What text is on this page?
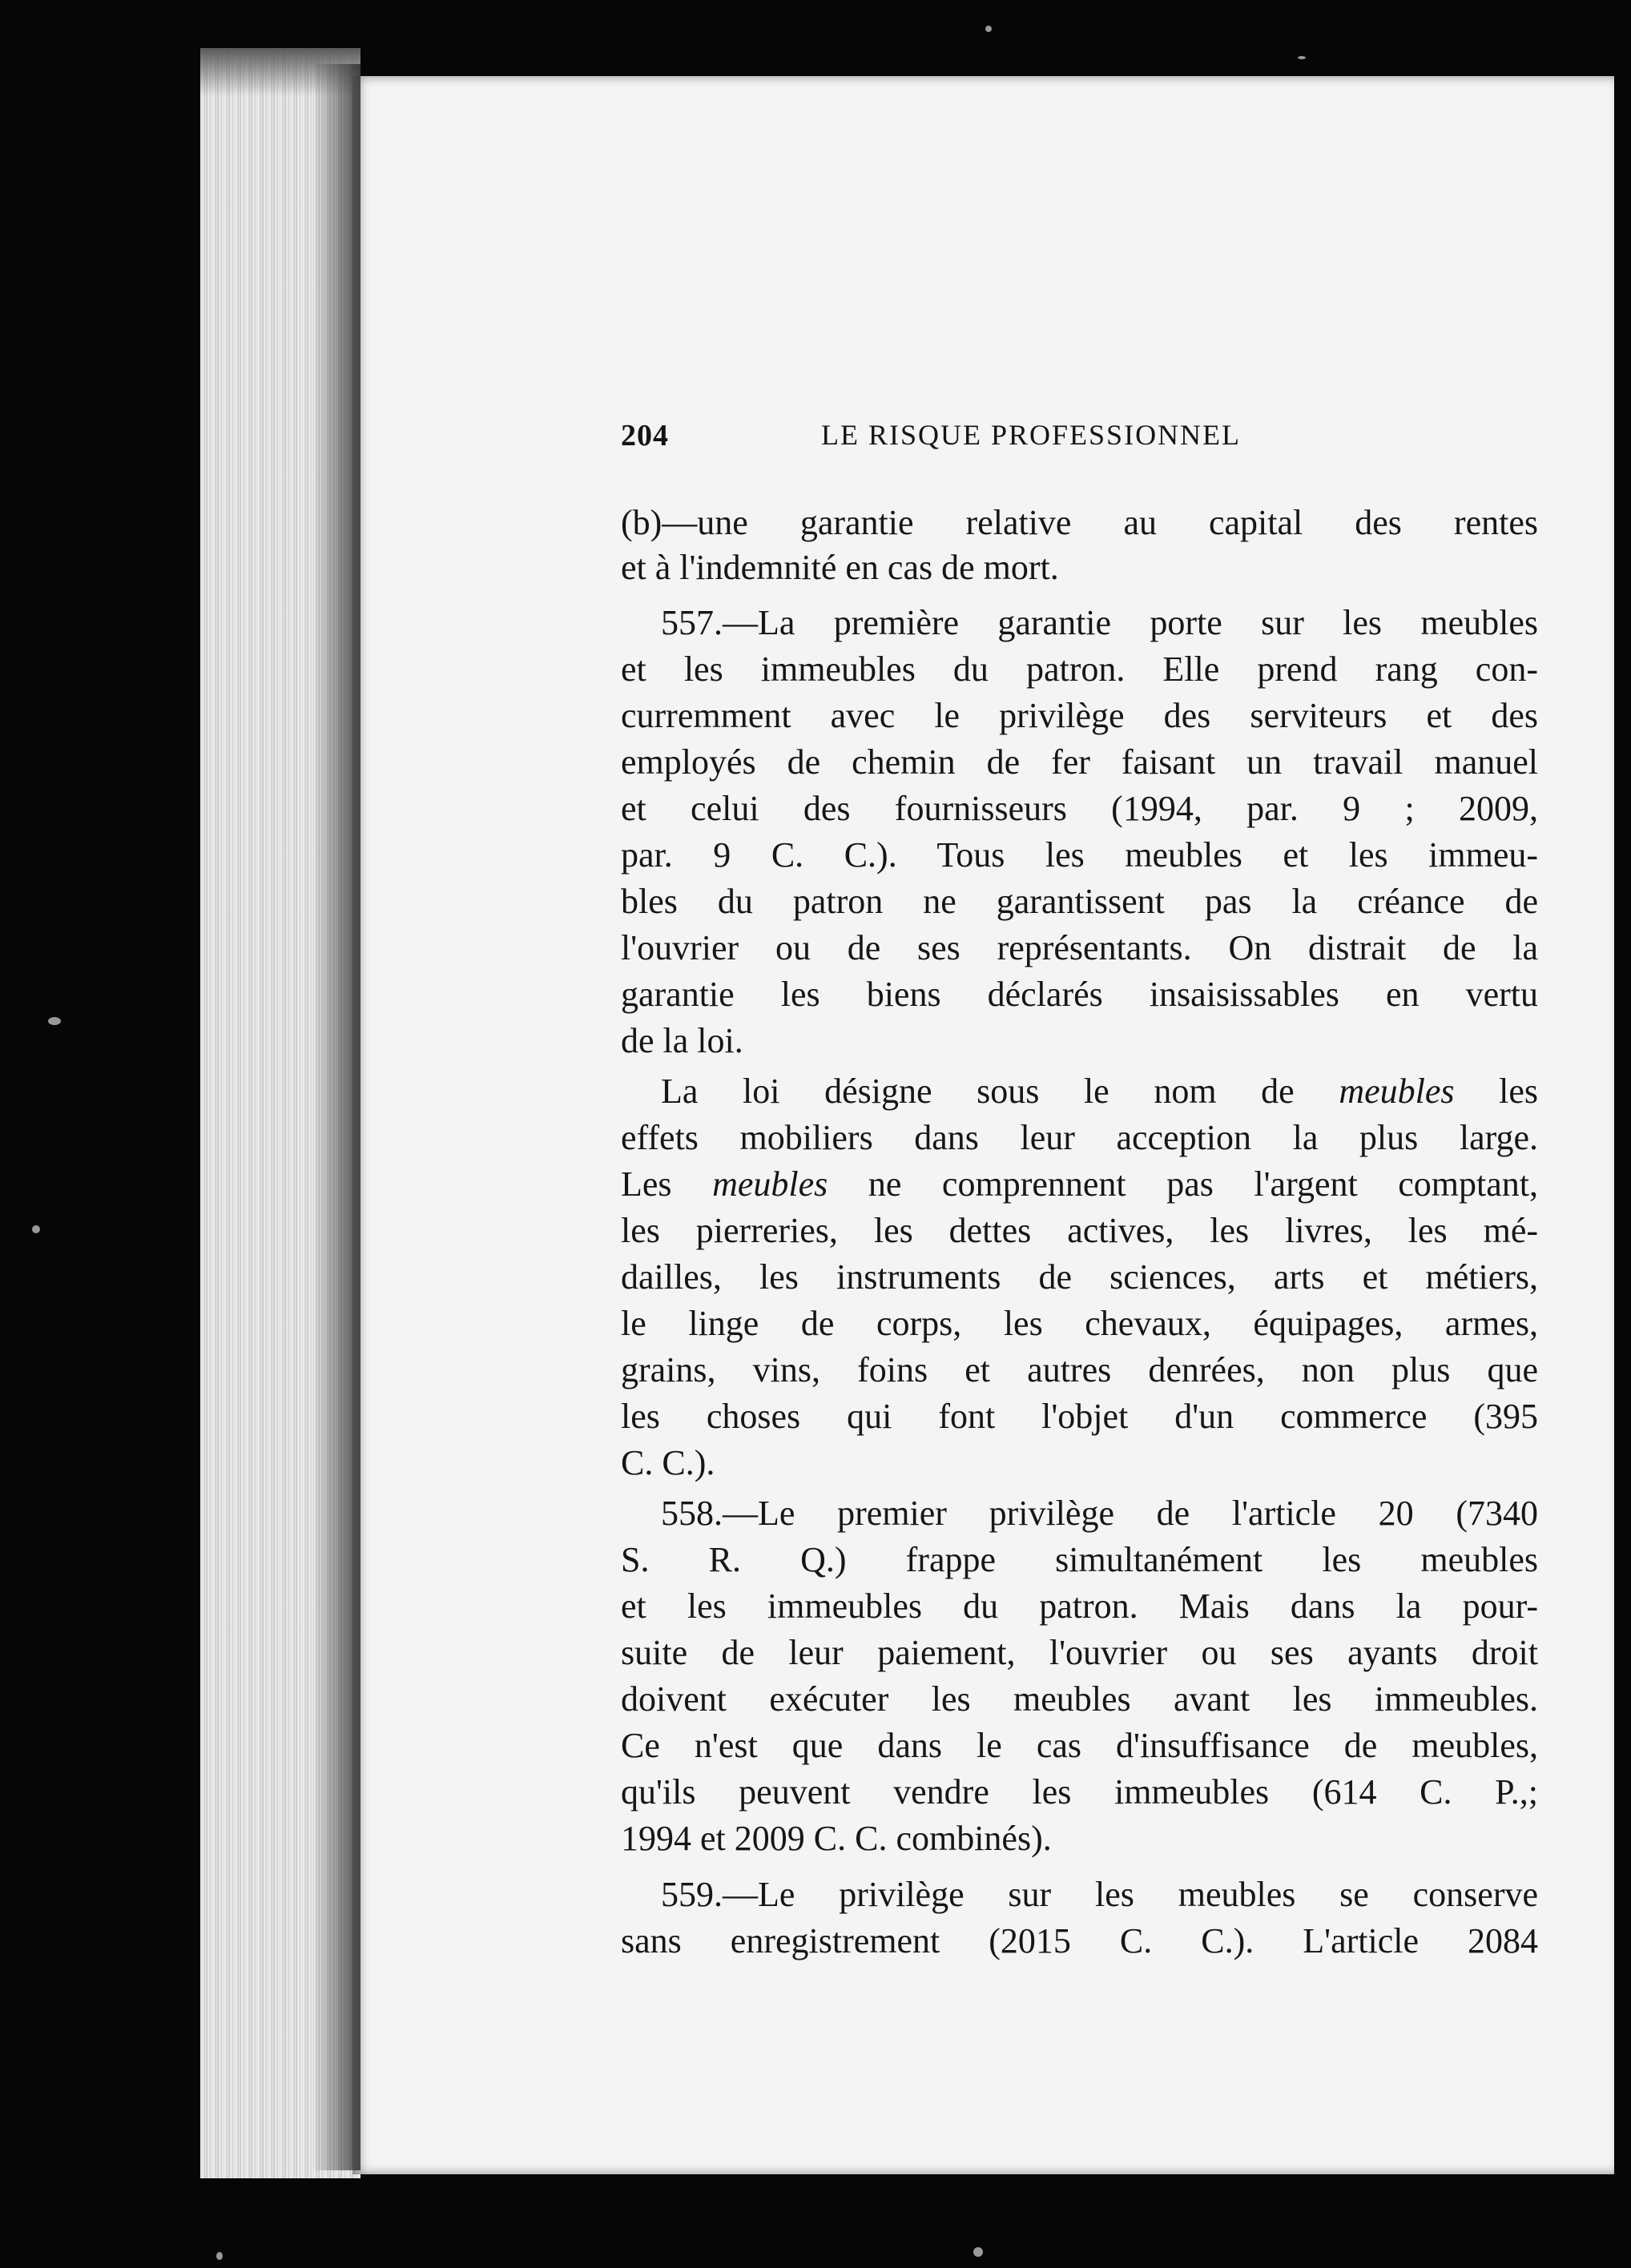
204	LE RISQUE PROFESSIONNEL
(b)—une garantie relative au capital des rentes
et à l'indemnité en cas de mort.
557.—La première garantie porte sur les meubles
et les immeubles du patron. Elle prend rang con-
curremment avec le privilège des serviteurs et des
employés de chemin de fer faisant un travail manuel
et celui des fournisseurs (1994, par. 9 ; 2009,
par. 9 C. C.). Tous les meubles et les immeu-
bles du patron ne garantissent pas la créance de
l'ouvrier ou de ses représentants. On distrait de la
garantie les biens déclarés insaisissables en vertu
de la loi.
La loi désigne sous le nom de meubles les
effets mobiliers dans leur acception la plus large.
Les meubles ne comprennent pas l'argent comptant,
les pierreries, les dettes actives, les livres, les mé-
dailles, les instruments de sciences, arts et métiers,
le linge de corps, les chevaux, équipages, armes,
grains, vins, foins et autres denrées, non plus que
les choses qui font l'objet d'un commerce (395
C. C.).
558.—Le premier privilège de l'article 20 (7340
S. R. Q.) frappe simultanément les meubles
et les immeubles du patron. Mais dans la pour-
suite de leur paiement, l'ouvrier ou ses ayants droit
doivent exécuter les meubles avant les immeubles.
Ce n'est que dans le cas d'insuffisance de meubles,
qu'ils peuvent vendre les immeubles (614 C. P.,;
1994 et 2009 C. C. combinés).
559.—Le privilège sur les meubles se conserve
sans enregistrement (2015 C. C.). L'article 2084
